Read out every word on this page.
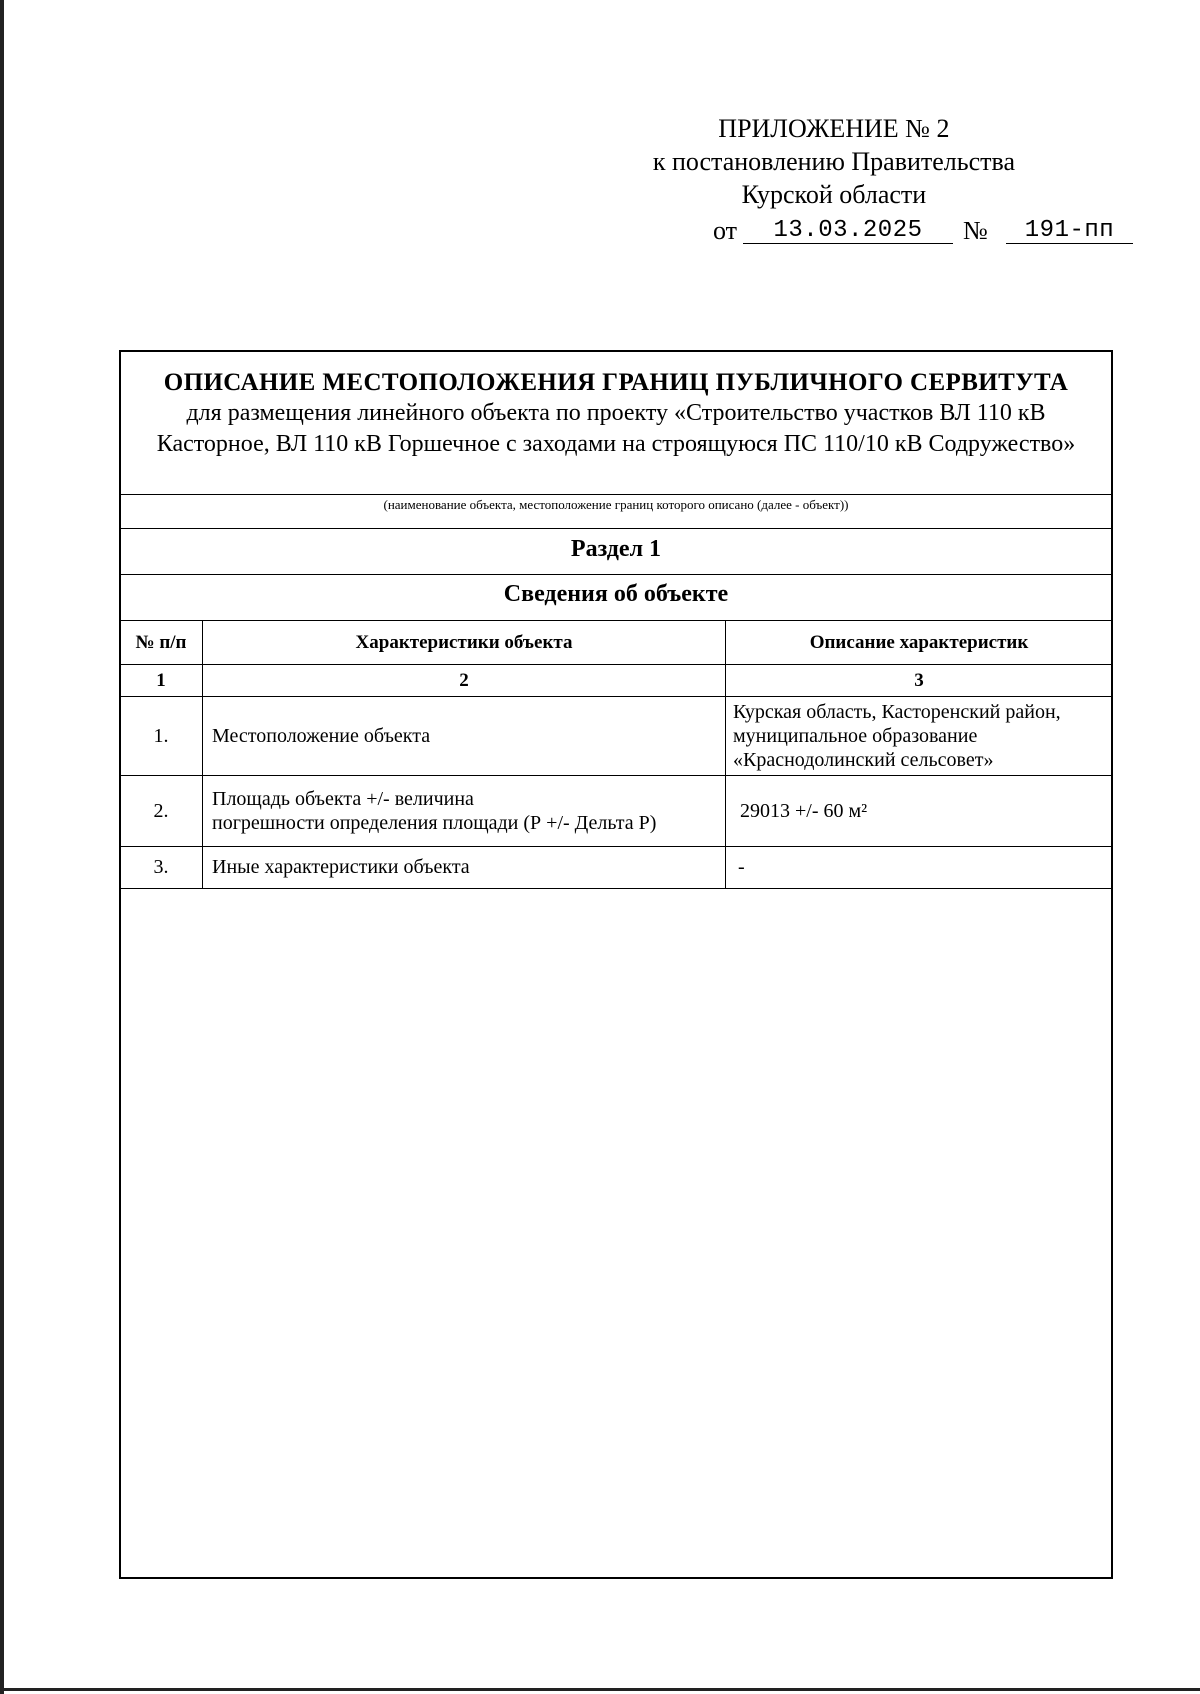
ПРИЛОЖЕНИЕ № 2
к постановлению Правительства
Курской области
от	13.03.2025	№	191-пп
ОПИСАНИЕ МЕСТОПОЛОЖЕНИЯ ГРАНИЦ ПУБЛИЧНОГО СЕРВИТУТА
для размещения линейного объекта по проекту «Строительство участков ВЛ 110 кВ
Касторное, ВЛ 110 кВ Горшечное с заходами на строящуюся ПС 110/10 кВ Содружество»
(наименование объекта, местоположение границ которого описано (далее - объект))
Раздел 1
Сведения об объекте
№ п/п	Характеристики объекта	Описание характеристик
1	2	3
1.	Местоположение объекта	Курская область, Касторенский район,
муниципальное образование
«Краснодолинский сельсовет»

2.	Площадь объекта +/- величина
погрешности определения площади (Р +/- Дельта Р)	29013 +/- 60 м²
3.	Иные характеристики объекта	-
